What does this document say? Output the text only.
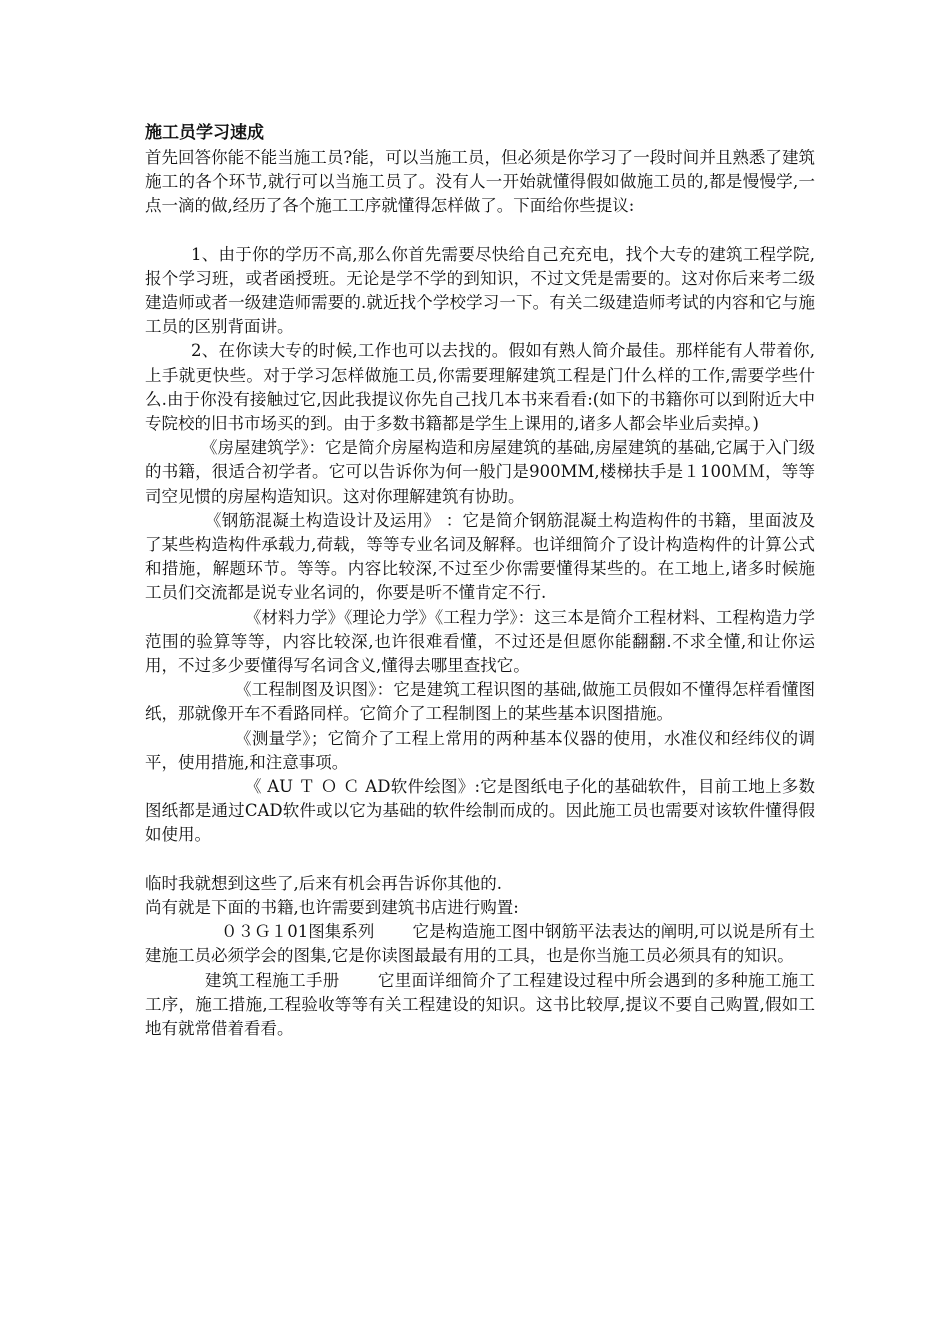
施工员学习速成

首先回答你能不能当施工员?能，可以当施工员，但必须是你学习了一段时间并且熟悉了建筑施工的各个环节,就行可以当施工员了。没有人一开始就懂得假如做施工员的,都是慢慢学,一点一滴的做,经历了各个施工工序就懂得怎样做了。下面给你些提议:

1、由于你的学历不高,那么你首先需要尽快给自己充充电，找个大专的建筑工程学院,报个学习班，或者函授班。无论是学不学的到知识，不过文凭是需要的。这对你后来考二级建造师或者一级建造师需要的.就近找个学校学习一下。有关二级建造师考试的内容和它与施工员的区别背面讲。

2、在你读大专的时候,工作也可以去找的。假如有熟人简介最佳。那样能有人带着你,上手就更快些。对于学习怎样做施工员,你需要理解建筑工程是门什么样的工作,需要学些什么.由于你没有接触过它,因此我提议你先自己找几本书来看看:(如下的书籍你可以到附近大中专院校的旧书市场买的到。由于多数书籍都是学生上课用的,诸多人都会毕业后卖掉。)

《房屋建筑学》：它是简介房屋构造和房屋建筑的基础,房屋建筑的基础,它属于入门级的书籍，很适合初学者。它可以告诉你为何一般门是900MM,楼梯扶手是１100ＭＭ，等等司空见惯的房屋构造知识。这对你理解建筑有协助。

《钢筋混凝土构造设计及运用》 ：它是简介钢筋混凝土构造构件的书籍，里面波及了某些构造构件承载力,荷载，等等专业名词及解释。也详细简介了设计构造构件的计算公式和措施，解题环节。等等。内容比较深,不过至少你需要懂得某些的。在工地上,诸多时候施工员们交流都是说专业名词的，你要是听不懂肯定不行.

《材料力学》《理论力学》《工程力学》：这三本是简介工程材料、工程构造力学范围的验算等等，内容比较深,也许很难看懂，不过还是但愿你能翻翻.不求全懂,和让你运用，不过多少要懂得写名词含义,懂得去哪里查找它。

《工程制图及识图》：它是建筑工程识图的基础,做施工员假如不懂得怎样看懂图纸，那就像开车不看路同样。它简介了工程制图上的某些基本识图措施。

《测量学》；它简介了工程上常用的两种基本仪器的使用，水准仪和经纬仪的调平，使用措施,和注意事项。

《 AU Ｔ Ｏ Ｃ AD软件绘图》:它是图纸电子化的基础软件，目前工地上多数图纸都是通过CAD软件或以它为基础的软件绘制而成的。因此施工员也需要对该软件懂得假如使用。

临时我就想到这些了,后来有机会再告诉你其他的.

尚有就是下面的书籍,也许需要到建筑书店进行购置:

０３Ｇ１01图集系列 它是构造施工图中钢筋平法表达的阐明,可以说是所有土建施工员必须学会的图集,它是你读图最最有用的工具，也是你当施工员必须具有的知识。

建筑工程施工手册 它里面详细简介了工程建设过程中所会遇到的多种施工施工工序，施工措施,工程验收等等有关工程建设的知识。这书比较厚,提议不要自己购置,假如工地有就常借着看看。
